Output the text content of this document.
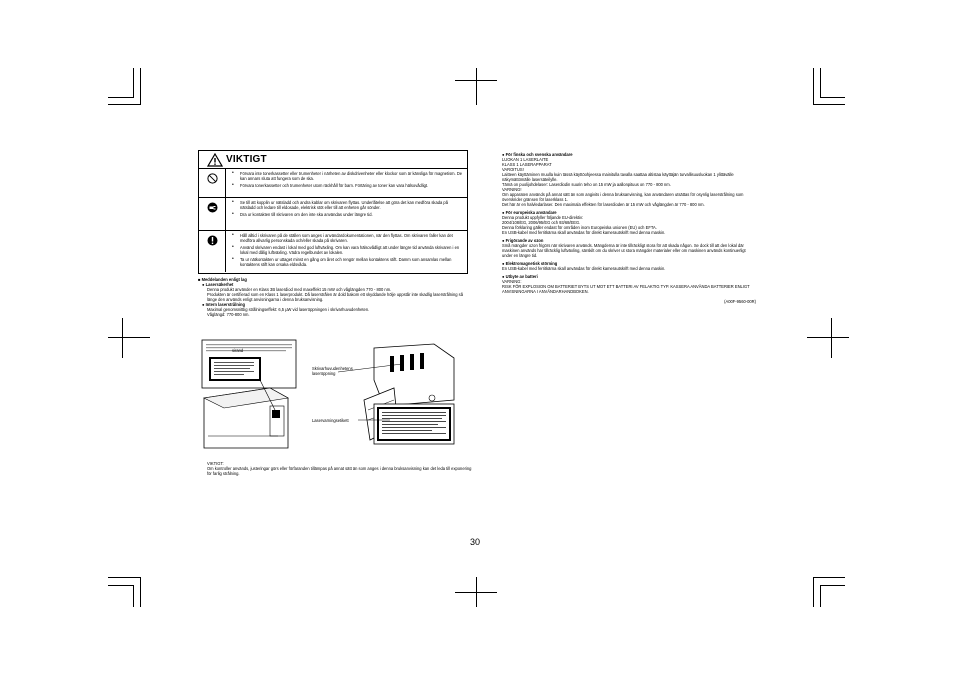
VIKTIGT
•	Förvara inte tonerkassetter eller trumenheter i närheten av diskdrivenheter eller klockor som är känsliga för magnetism. De kan annars sluta att fungera som de ska.
•	Förvara tonerkassetter och trumenheter utom räckhåll för barn. Förtäring av toner kan vara hälsovådligt.
•	Se till att kopplin ur nätsladd och andra kablar om skrivaren flyttas. Underlåtelse att göra det kan medföra skada på nätsladd och ledare till eldosade, elektrisk stöt eller till att enheten går sönder.
•	Dra ur kontakten till skrivaren om den inte ska användas under längre tid.
•	Håll alltid i skrivaren på de ställen som anges i användardokumentationen, när den flyttas. Om skrivaren faller kan det medföra allvarlig personskada och/eller skada på skrivaren.
•	Använd skrivaren endast i lokal med god luftväxling. Om kan vara hälsovådligt att under längre tid använda skrivaren i en lokal med dålig luftväxling. Vädra regelbundet av lokalen.
•	Ta ur nätkontakten ur uttaget minst en gång om året och rengör mellan kontaktens stift. Damm som ansamlas mellan kontaktens stift kan orsaka eldsvåda.
■ Meddelanden enligt lag
● Lasersäkerhet
Denna produkt använder en Klass 3B laserdiod med maxeffekt 15 mW och våglängden 770 - 800 nm.
Produkten är certifierad som en Klass 1 laserprodukt. Då laserstrålen är dold bakom ett skyddande hölje uppstår inte skadlig laserstrålning så länge den används enligt anvisningarna i denna bruksanvisning.
● Intern laserstrålning
Maximal genomsnittlig strålningseffekt: 6,5 µW vid laseröppningen i skrivarhuvudenheten.
Våglängd: 770-800 nm.
● För finska och svenska användare
LUOKAN 1 LASERLAITE
KLASS 1 LASERAPPARAT
VAROITUS!
Laitteen käyttäminen muulla kuin tässä käyttöohjeessa mainitulla tavalla saattaa altistaa käyttäjän turvallisuusluokan 1 ylittävälle näkymättömälle lasersäteilylle.
Tämä on puolijohdelaser: Laserdiodin suurin teho on 15 mW ja aallonpituus on 770 - 800 nm.
VARNING!
Om apparaten används på annat sätt än som angivits i denna bruksanvisning, kan användaren utsättas för osynlig laserstrålning som överskrider gränsen för laserklass 1.
Det här är en halvledarlaser. Den maximala effekten för laserdioden är 15 mW och våglängden är 770 - 800 nm.
● För europeiska användare
Denna produkt uppfyller följande EU-direktiv:
2004/108/EG, 2006/95/EG och 93/68/EEG.
Denna förklaring gäller endast för områden inom Europeiska unionen (EU) och EFTA.
En USB-kabel med ferritkärna skall användas för direkt kamerautskrift med denna maskin.
● Frigörande av ozon
Små mängder ozon frigörs när skrivaren används. Mängderna är inte tillräckligt stora för att skada någon. Se dock till att den lokal där maskinen används har tillräcklig luftväxling, särskilt om du skriver ut stora mängder materialer eller om maskinen används kontinuerligt under en längre tid.
● Elektromagnetisk störning
En USB-kabel med ferritkärna skall användas för direkt kamerautskrift med denna maskin.
● Utbyte av batteri
VARNING:
RISK FÖR EXPLOSION OM BATTERIET BYTS UT MOT ETT BATTERI AV FELAKTIG TYP. KASSERA ANVÄNDA BATTERIER ENLIGT ANVISNINGARNA I ANVÄNDARHANDBOKEN.
(A00F-9560-00R)
sirand
Skrivarhuvudenhetens laseröppning
Laservarningsetikett
VIKTIGT:
Om kontroller används, justeringar görs eller förfaranden tillämpas på annat sätt än som anges i denna bruksanvisning kan det leda till exponering för farlig strålning.
30
